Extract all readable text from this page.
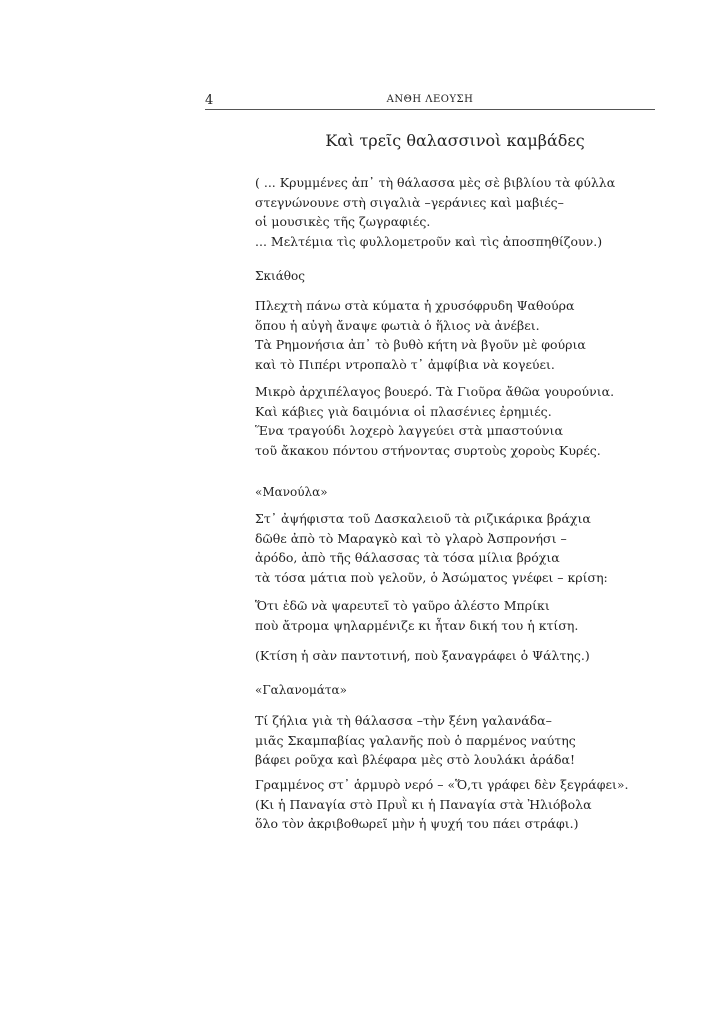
4	ΑΝΘΗ ΛΕΟΥΣΗ
Καὶ τρεῖς θαλασσινοὶ καμβάδες
( ... Κρυμμένες ἀπ᾽ τὴ θάλασσα μὲς σὲ βιβλίου τὰ φύλλα
στεγνώνουνε στὴ σιγαλιὰ –γεράνιες καὶ μαβιές–
οἱ μουσικὲς τῆς ζωγραφιές.
... Μελτέμια τὶς φυλλομετροῦν καὶ τὶς ἀποσπηθίζουν.)
Σκιάθος
Πλεχτὴ πάνω στὰ κύματα ἡ χρυσόφρυδη Ψαθούρα
ὅπου ἡ αὐγὴ ἄναψε φωτιὰ ὁ ἥλιος νὰ ἀνέβει.
Τὰ Ρημονήσια ἀπ᾽ τὸ βυθὸ κήτη νὰ βγοῦν μὲ φούρια
καὶ τὸ Πιπέρι ντροπαλὸ τ᾽ ἀμφίβια νὰ κογεύει.
Μικρὸ ἀρχιπέλαγος βουερό. Τὰ Γιοῦρα ἄθῶα γουρούνια.
Καὶ κάβιες γιὰ δαιμόνια οἱ πλασένιες ἐρημιές.
Ἕνα τραγούδι λοχερὸ λαγγεύει στὰ μπαστούνια
τοῦ ἄκακου πόντου στήνοντας συρτοὺς χοροὺς Κυρές.
«Μανούλα»
Στ᾽ ἀψήφιστα τοῦ Δασκαλειοῦ τὰ ριζικάρικα βράχια
δῶθε ἀπὸ τὸ Μαραγκὸ καὶ τὸ γλαρὸ Ἀσπρονήσι –
ἀρόδο, ἀπὸ τῆς θάλασσας τὰ τόσα μίλια βρόχια
τὰ τόσα μάτια ποὺ γελοῦν, ὁ Ἀσώματος γνέφει – κρίση:
Ὅτι ἐδῶ νὰ ψαρευτεῖ τὸ γαῦρο ἀλέστο Μπρίκι
ποὺ ἄτρομα ψηλαρμένιζε κι ἦταν δική του ἡ κτίση.
(Κτίση ἡ σὰν παντοτινή, ποὺ ξαναγράφει ὁ Ψάλτης.)
«Γαλανομάτα»
Τί ζήλια γιὰ τὴ θάλασσα –τὴν ξένη γαλανάδα–
μιᾶς Σκαμπαβίας γαλανῆς ποὺ ὁ παρμένος ναύτης
βάφει ροῦχα καὶ βλέφαρα μὲς στὸ λουλάκι ἀράδα!
Γραμμένος στ᾽ ἁρμυρὸ νερό – «Ὅ,τι γράφει δὲν ξεγράφει».
(Κι ἡ Παναγία στὸ Πρυῒ κι ἡ Παναγία στὰ Ἠλιόβολα
ὅλο τὸν ἀκριβοθωρεῖ μὴν ἡ ψυχή του πάει στράφι.)
